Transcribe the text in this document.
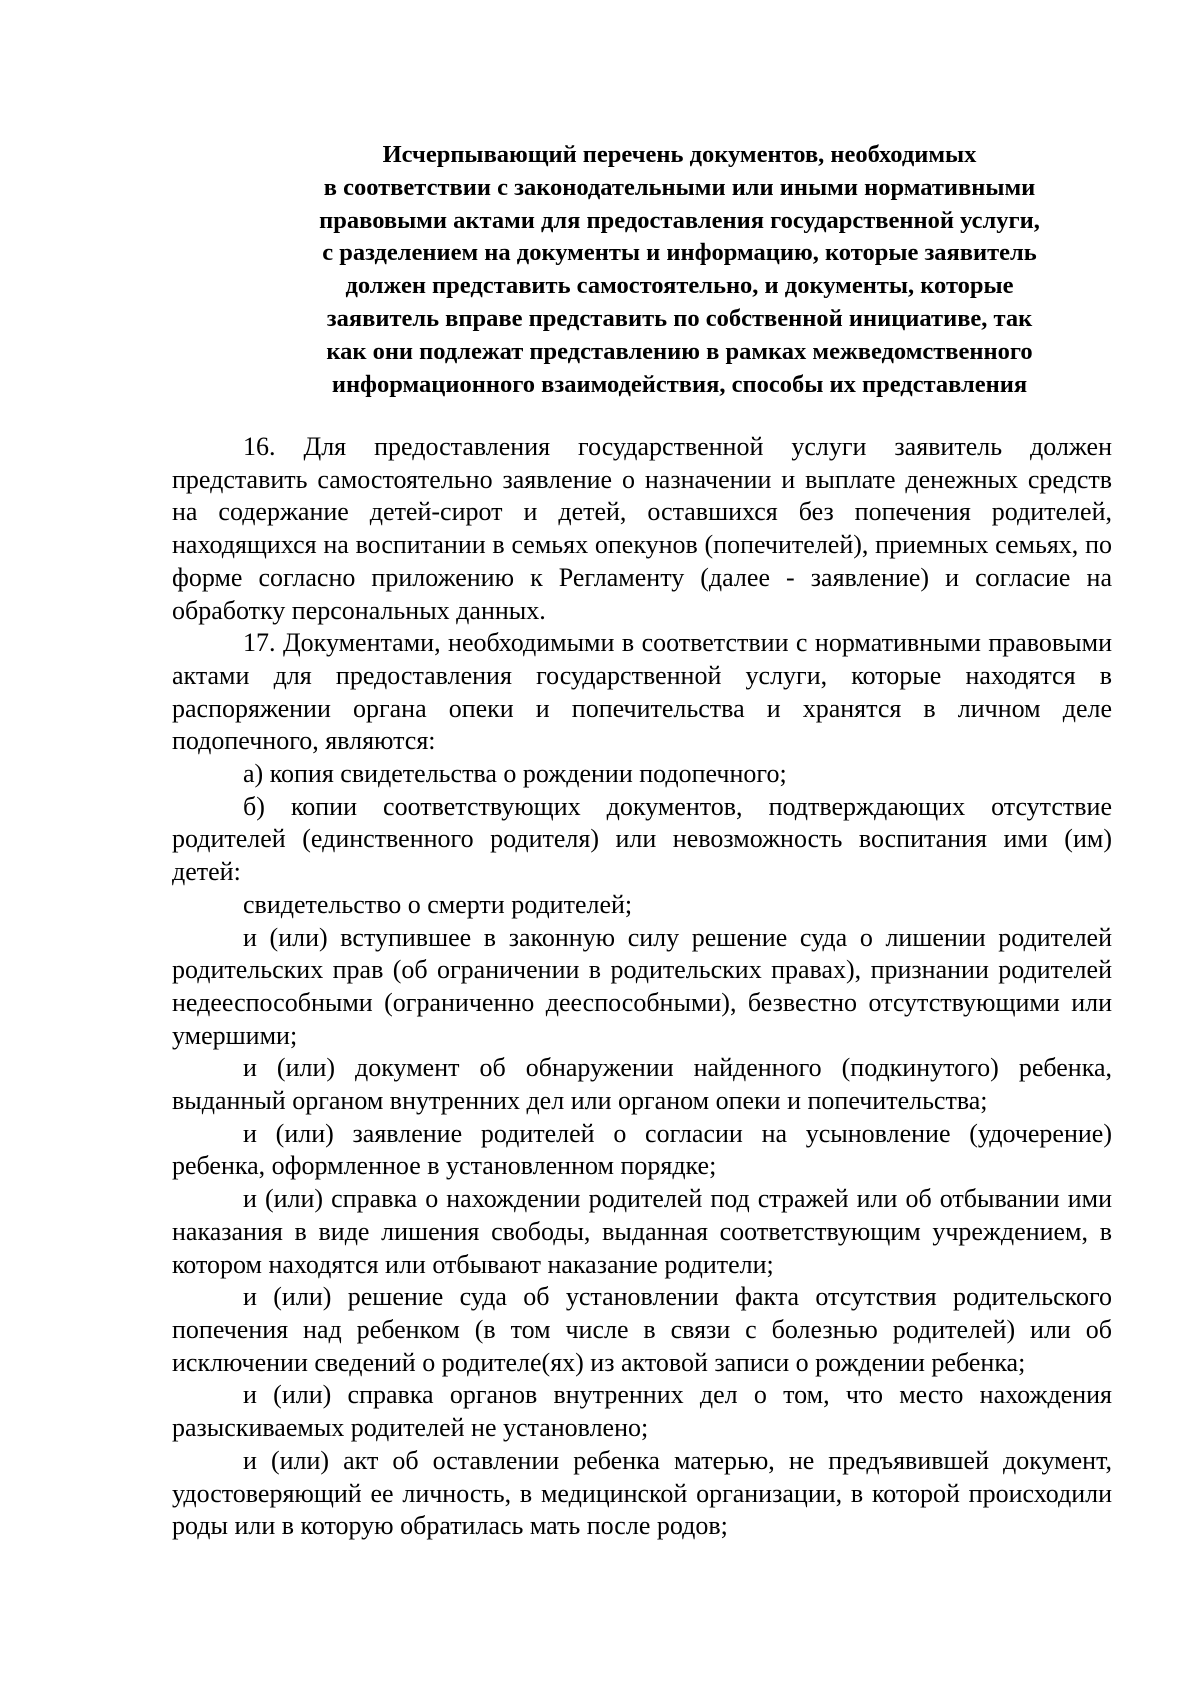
Исчерпывающий перечень документов, необходимых
в соответствии с законодательными или иными нормативными
правовыми актами для предоставления государственной услуги,
с разделением на документы и информацию, которые заявитель
должен представить самостоятельно, и документы, которые
заявитель вправе представить по собственной инициативе, так
как они подлежат представлению в рамках межведомственного
информационного взаимодействия, способы их представления

16. Для предоставления государственной услуги заявитель должен представить самостоятельно заявление о назначении и выплате денежных средств на содержание детей-сирот и детей, оставшихся без попечения родителей, находящихся на воспитании в семьях опекунов (попечителей), приемных семьях, по форме согласно приложению к Регламенту (далее - заявление) и согласие на обработку персональных данных.

17. Документами, необходимыми в соответствии с нормативными правовыми актами для предоставления государственной услуги, которые находятся в распоряжении органа опеки и попечительства и хранятся в личном деле подопечного, являются:

а) копия свидетельства о рождении подопечного;

б) копии соответствующих документов, подтверждающих отсутствие родителей (единственного родителя) или невозможность воспитания ими (им) детей:

свидетельство о смерти родителей;

и (или) вступившее в законную силу решение суда о лишении родителей родительских прав (об ограничении в родительских правах), признании родителей недееспособными (ограниченно дееспособными), безвестно отсутствующими или умершими;

и (или) документ об обнаружении найденного (подкинутого) ребенка, выданный органом внутренних дел или органом опеки и попечительства;

и (или) заявление родителей о согласии на усыновление (удочерение) ребенка, оформленное в установленном порядке;

и (или) справка о нахождении родителей под стражей или об отбывании ими наказания в виде лишения свободы, выданная соответствующим учреждением, в котором находятся или отбывают наказание родители;

и (или) решение суда об установлении факта отсутствия родительского попечения над ребенком (в том числе в связи с болезнью родителей) или об исключении сведений о родителе(ях) из актовой записи о рождении ребенка;

и (или) справка органов внутренних дел о том, что место нахождения разыскиваемых родителей не установлено;

и (или) акт об оставлении ребенка матерью, не предъявившей документ, удостоверяющий ее личность, в медицинской организации, в которой происходили роды или в которую обратилась мать после родов;
